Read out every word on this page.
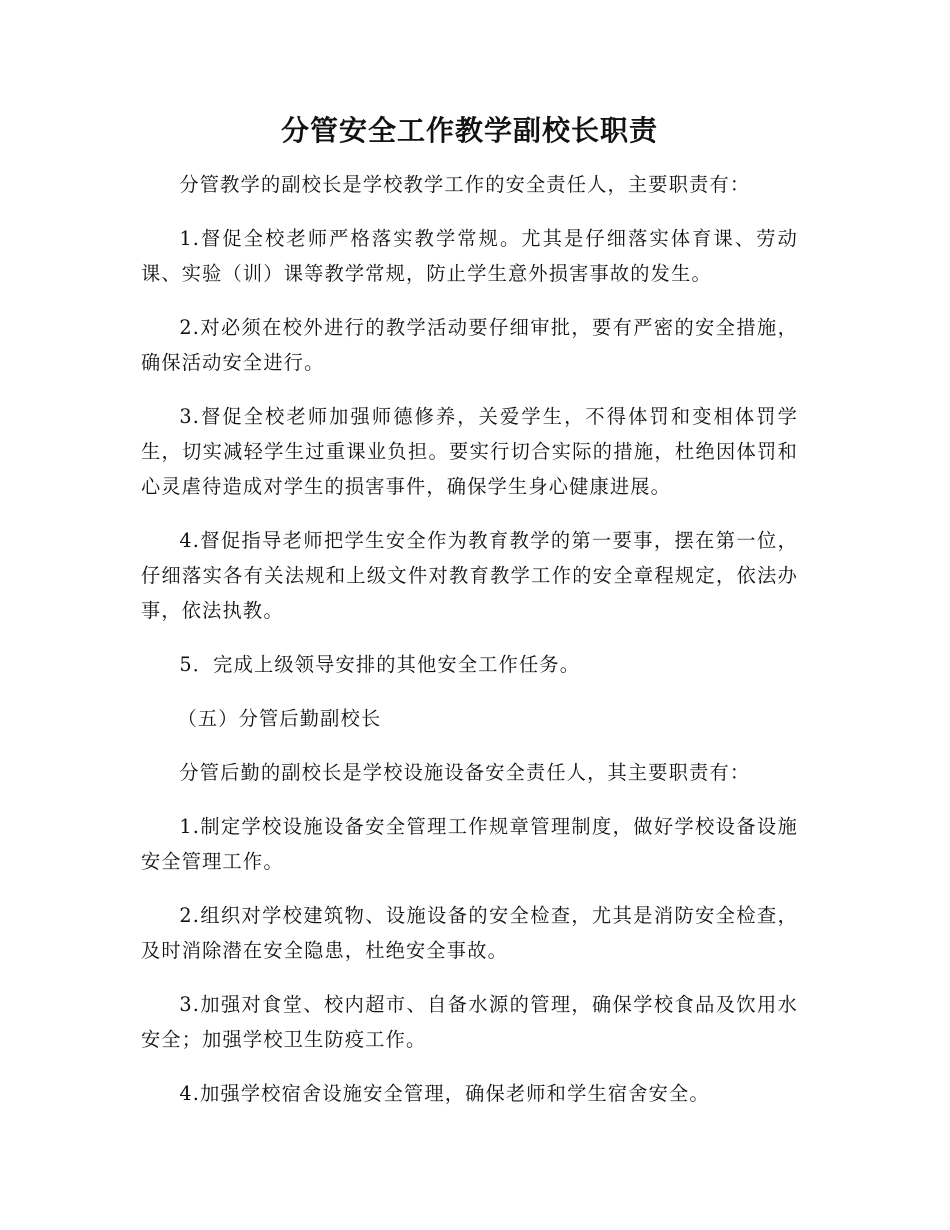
分管安全工作教学副校长职责

分管教学的副校长是学校教学工作的安全责任人，主要职责有：

1.督促全校老师严格落实教学常规。尤其是仔细落实体育课、劳动课、实验（训）课等教学常规，防止学生意外损害事故的发生。

2.对必须在校外进行的教学活动要仔细审批，要有严密的安全措施，确保活动安全进行。

3.督促全校老师加强师德修养，关爱学生，不得体罚和变相体罚学生，切实减轻学生过重课业负担。要实行切合实际的措施，杜绝因体罚和心灵虐待造成对学生的损害事件，确保学生身心健康进展。

4.督促指导老师把学生安全作为教育教学的第一要事，摆在第一位，仔细落实各有关法规和上级文件对教育教学工作的安全章程规定，依法办事，依法执教。

5．完成上级领导安排的其他安全工作任务。

（五）分管后勤副校长

分管后勤的副校长是学校设施设备安全责任人，其主要职责有：

1.制定学校设施设备安全管理工作规章管理制度，做好学校设备设施安全管理工作。

2.组织对学校建筑物、设施设备的安全检查，尤其是消防安全检查，及时消除潜在安全隐患，杜绝安全事故。

3.加强对食堂、校内超市、自备水源的管理，确保学校食品及饮用水安全；加强学校卫生防疫工作。

4.加强学校宿舍设施安全管理，确保老师和学生宿舍安全。
